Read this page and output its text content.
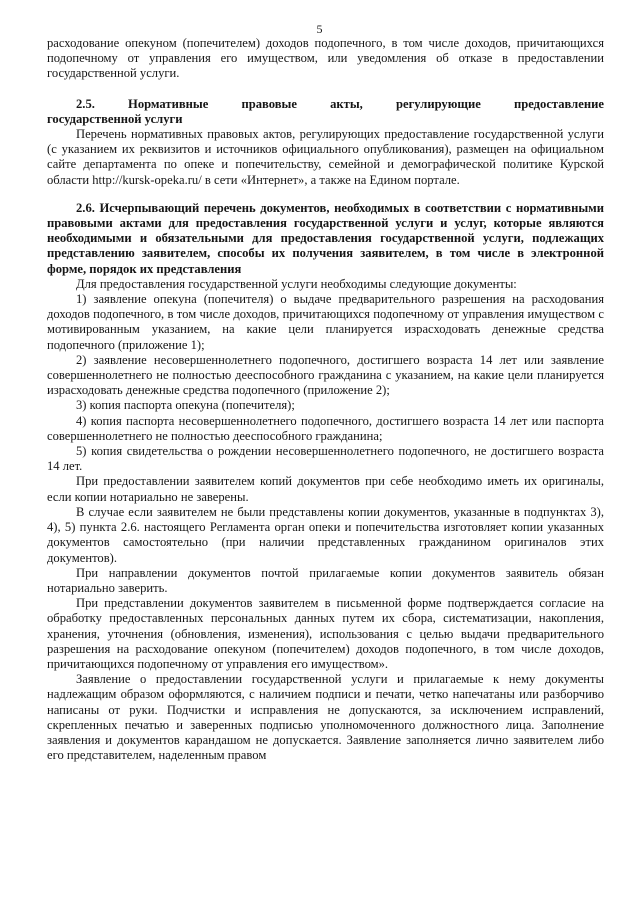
5

расходование опекуном (попечителем) доходов подопечного, в том числе доходов, причитающихся подопечному от управления его имуществом, или уведомления об отказе в предоставлении государственной услуги.

2.5.	Нормативные	правовые	акты,	регулирующие	предоставление

государственной услуги

Перечень нормативных правовых актов, регулирующих предоставление государственной услуги (с указанием их реквизитов и источников официального опубликования), размещен на официальном сайте департамента по опеке и попечительству, семейной и демографической политике Курской области http://kursk-opeka.ru/ в сети «Интернет», а также на Едином портале.

2.6. Исчерпывающий перечень документов, необходимых в соответствии с нормативными правовыми актами для предоставления государственной услуги и услуг, которые являются необходимыми и обязательными для предоставления государственной услуги, подлежащих представлению заявителем, способы их получения заявителем, в том числе в электронной форме, порядок их представления

Для предоставления государственной услуги необходимы следующие документы:

1) заявление опекуна (попечителя) о выдаче предварительного разрешения на расходования доходов подопечного, в том числе доходов, причитающихся подопечному от управления имуществом с мотивированным указанием, на какие цели планируется израсходовать денежные средства подопечного (приложение 1);

2) заявление несовершеннолетнего подопечного, достигшего возраста 14 лет или заявление совершеннолетнего не полностью дееспособного гражданина с указанием, на какие цели планируется израсходовать денежные средства подопечного (приложение 2);

3) копия паспорта опекуна (попечителя);

4) копия паспорта несовершеннолетнего подопечного, достигшего возраста 14 лет или паспорта совершеннолетнего не полностью дееспособного гражданина;

5) копия свидетельства о рождении несовершеннолетнего подопечного, не достигшего возраста 14 лет.

При предоставлении заявителем копий документов при себе необходимо иметь их оригиналы, если копии нотариально не заверены.

В случае если заявителем не были представлены копии документов, указанные в подпунктах 3), 4), 5) пункта 2.6. настоящего Регламента орган опеки и попечительства изготовляет копии указанных документов самостоятельно (при наличии представленных гражданином оригиналов этих документов).

При направлении документов почтой прилагаемые копии документов заявитель обязан нотариально заверить.

При представлении документов заявителем в письменной форме подтверждается согласие на обработку предоставленных персональных данных путем их сбора, систематизации, накопления, хранения, уточнения (обновления, изменения), использования с целью выдачи предварительного разрешения на расходование опекуном (попечителем) доходов подопечного, в том числе доходов, причитающихся подопечному от управления его имуществом».

Заявление о предоставлении государственной услуги и прилагаемые к нему документы надлежащим образом оформляются, с наличием подписи и печати, четко напечатаны или разборчиво написаны от руки. Подчистки и исправления не допускаются, за исключением исправлений, скрепленных печатью и заверенных подписью уполномоченного должностного лица. Заполнение заявления и документов карандашом не допускается. Заявление заполняется лично заявителем либо его представителем, наделенным правом
